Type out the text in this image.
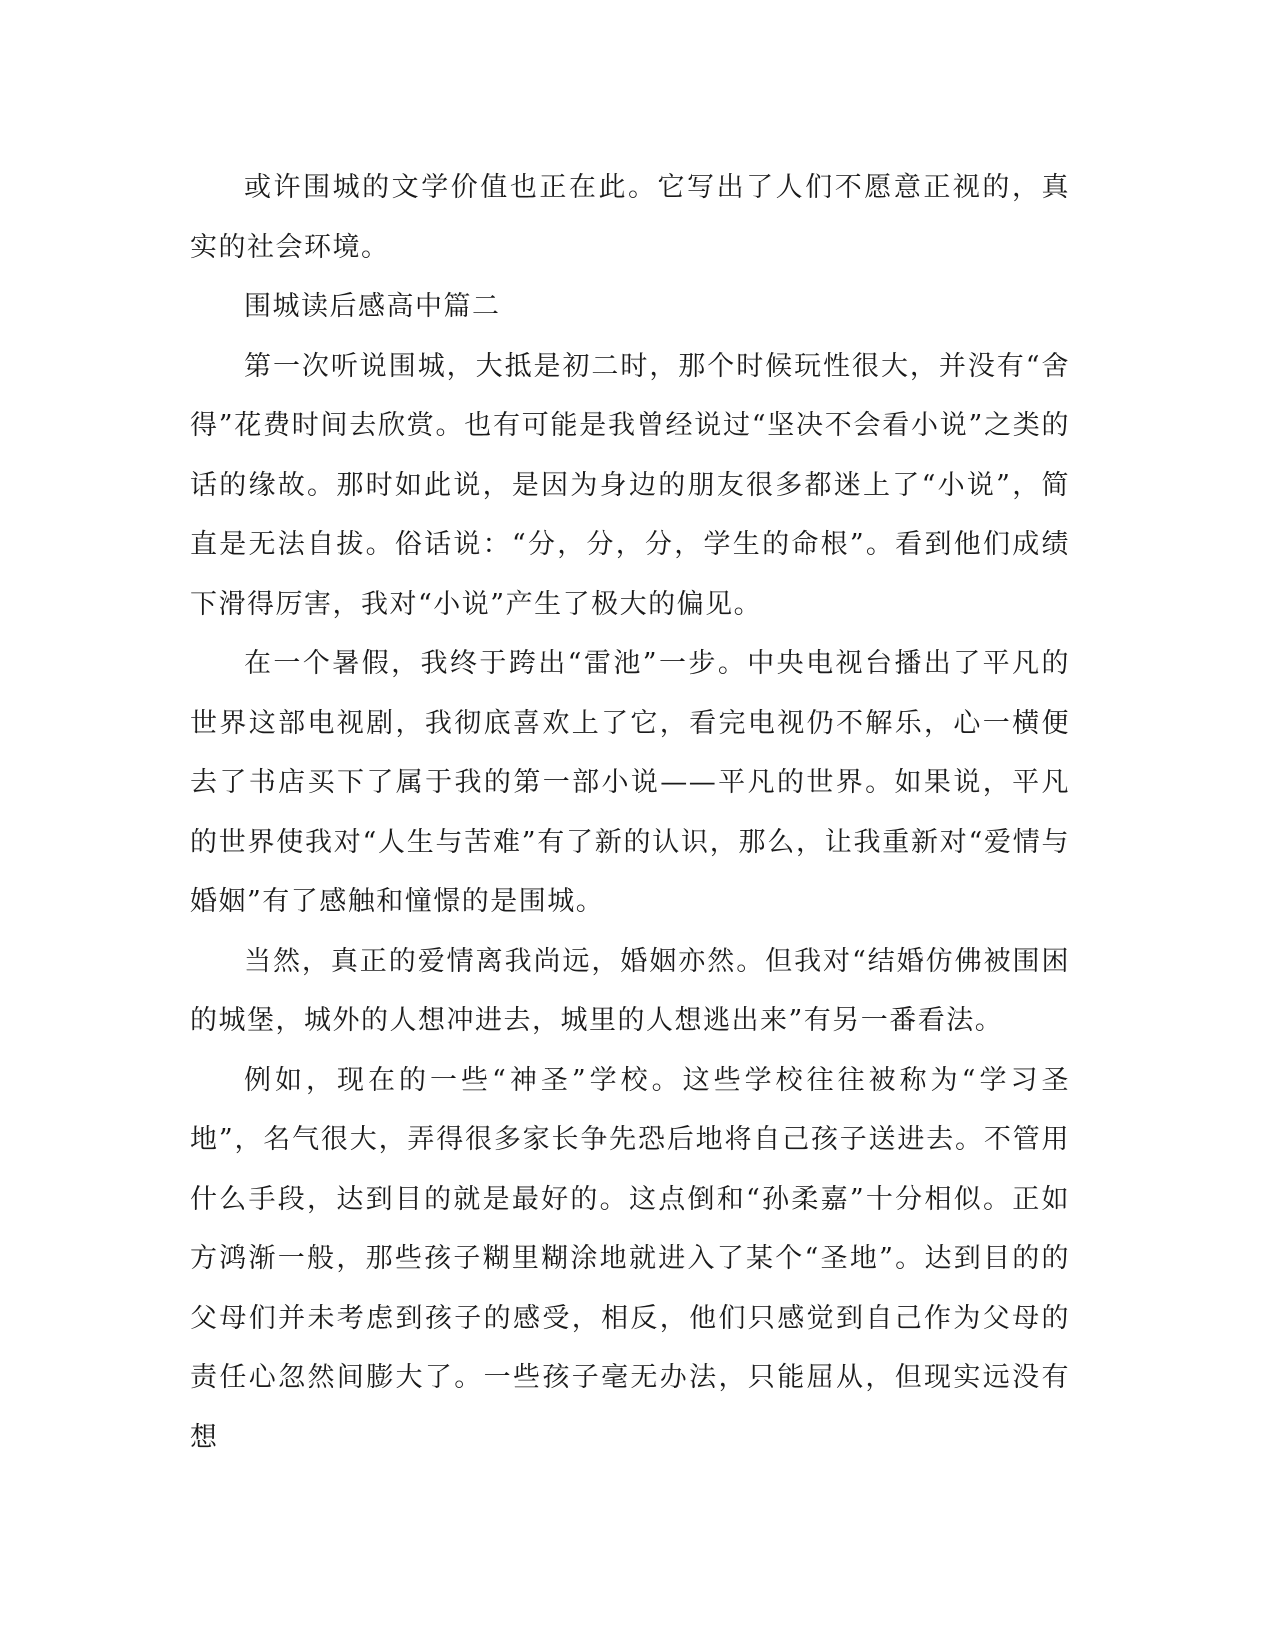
或许围城的文学价值也正在此。它写出了人们不愿意正视的，真实的社会环境。

围城读后感高中篇二

第一次听说围城，大抵是初二时，那个时候玩性很大，并没有“舍得”花费时间去欣赏。也有可能是我曾经说过“坚决不会看小说”之类的话的缘故。那时如此说，是因为身边的朋友很多都迷上了“小说”，简直是无法自拔。俗话说：“分，分，分，学生的命根”。看到他们成绩下滑得厉害，我对“小说”产生了极大的偏见。

在一个暑假，我终于跨出“雷池”一步。中央电视台播出了平凡的世界这部电视剧，我彻底喜欢上了它，看完电视仍不解乐，心一横便去了书店买下了属于我的第一部小说——平凡的世界。如果说，平凡的世界使我对“人生与苦难”有了新的认识，那么，让我重新对“爱情与婚姻”有了感触和憧憬的是围城。

当然，真正的爱情离我尚远，婚姻亦然。但我对“结婚仿佛被围困的城堡，城外的人想冲进去，城里的人想逃出来”有另一番看法。

例如，现在的一些“神圣”学校。这些学校往往被称为“学习圣地”，名气很大，弄得很多家长争先恐后地将自己孩子送进去。不管用什么手段，达到目的就是最好的。这点倒和“孙柔嘉”十分相似。正如方鸿渐一般，那些孩子糊里糊涂地就进入了某个“圣地”。达到目的的父母们并未考虑到孩子的感受，相反，他们只感觉到自己作为父母的责任心忽然间膨大了。一些孩子毫无办法，只能屈从，但现实远没有想
